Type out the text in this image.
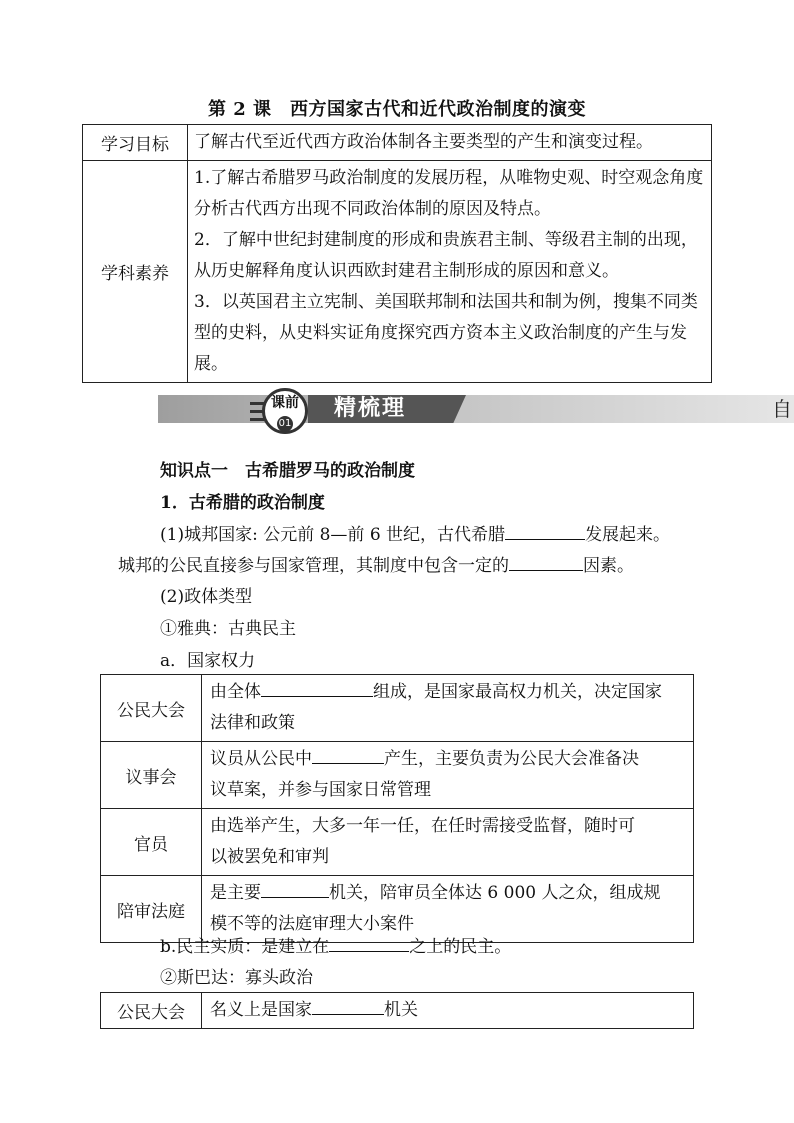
第 2 课　西方国家古代和近代政治制度的演变
学习目标	了解古代至近代西方政治体制各主要类型的产生和演变过程。
学科素养	1.了解古希腊罗马政治制度的发展历程，从唯物史观、时空观念角度分析古代西方出现不同政治体制的原因及特点。
2．了解中世纪封建制度的形成和贵族君主制、等级君主制的出现，从历史解释角度认识西欧封建君主制形成的原因和意义。
3．以英国君主立宪制、美国联邦制和法国共和制为例，搜集不同类型的史料，从史料实证角度探究西方资本主义政治制度的产生与发展。
课前
01
精梳理	自
知识点一　古希腊罗马的政治制度
1．古希腊的政治制度
(1)城邦国家: 公元前 8—前 6 世纪，古代希腊	发展起来。
城邦的公民直接参与国家管理，其制度中包含一定的	因素。
(2)政体类型
①雅典：古典民主
a．国家权力
公民大会	由全体 组成，是国家最高权力机关，决定国家
法律和政策
议事会	议员从公民中 产生，主要负责为公民大会准备决
议草案，并参与国家日常管理
官员	由选举产生，大多一年一任，在任时需接受监督，随时可
以被罢免和审判
陪审法庭	是主要 机关，陪审员全体达 6 000 人之众，组成规
模不等的法庭审理大小案件
b.民主实质：是建立在	之上的民主。
②斯巴达：寡头政治
公民大会	名义上是国家	机关
